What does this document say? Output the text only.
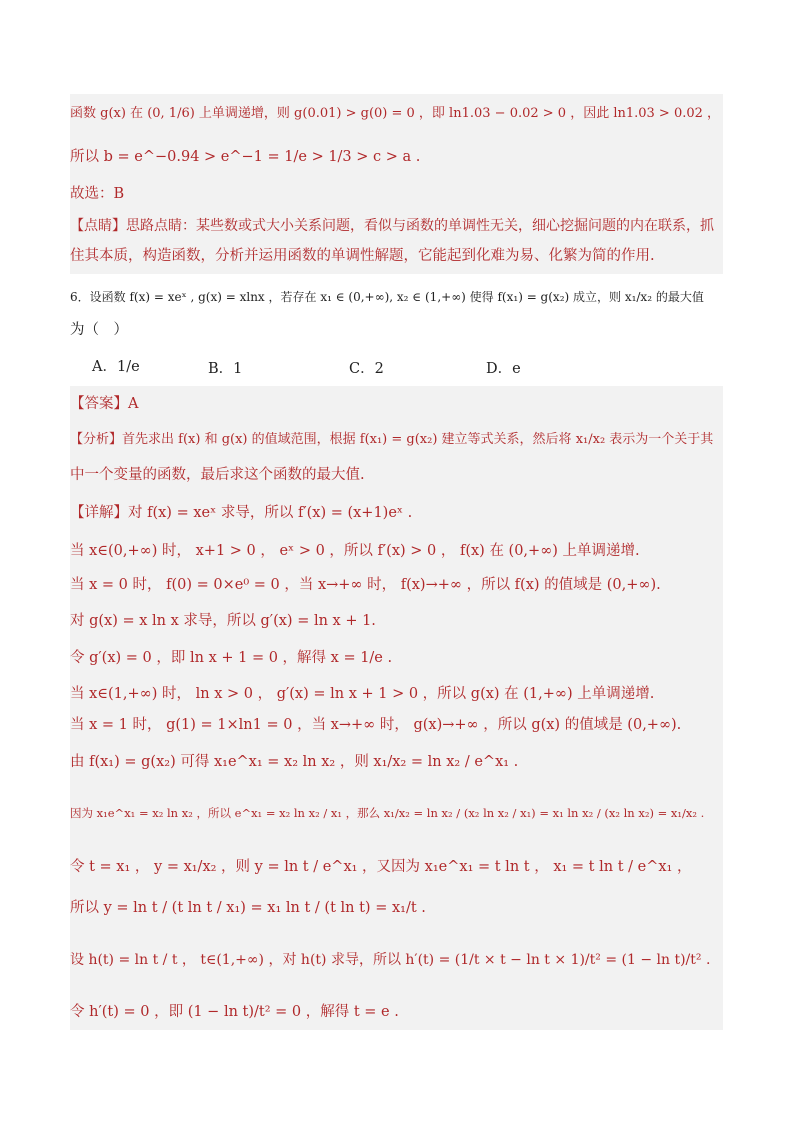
函数 g(x) 在 (0, 1/6) 上单调递增，则 g(0.01) > g(0) = 0 ，即 ln1.03 − 0.02 > 0 ，因此 ln1.03 > 0.02 ，
所以 b = e^−0.94 > e^−1 = 1/e > 1/3 > c > a .
故选：B
【点睛】思路点睛：某些数或式大小关系问题，看似与函数的单调性无关，细心挖掘问题的内在联系，抓
住其本质，构造函数，分析并运用函数的单调性解题，它能起到化难为易、化繁为简的作用.
6．设函数 f(x) = xeˣ , g(x) = xlnx ，若存在 x₁ ∈ (0,+∞), x₂ ∈ (1,+∞) 使得 f(x₁) = g(x₂) 成立，则 x₁/x₂ 的最大值
为（　）
A．1/e	B．1	C．2	D．e
【答案】A
【分析】首先求出 f(x) 和 g(x) 的值域范围，根据 f(x₁) = g(x₂) 建立等式关系，然后将 x₁/x₂ 表示为一个关于其
中一个变量的函数，最后求这个函数的最大值.
【详解】对 f(x) = xeˣ 求导，所以 f′(x) = (x+1)eˣ .
当 x∈(0,+∞) 时， x+1 > 0 ， eˣ > 0 ，所以 f′(x) > 0 ， f(x) 在 (0,+∞) 上单调递增.
当 x = 0 时， f(0) = 0×e⁰ = 0 ，当 x→+∞ 时， f(x)→+∞ ，所以 f(x) 的值域是 (0,+∞).
对 g(x) = x ln x 求导，所以 g′(x) = ln x + 1.
令 g′(x) = 0 ，即 ln x + 1 = 0 ，解得 x = 1/e .
当 x∈(1,+∞) 时， ln x > 0 ， g′(x) = ln x + 1 > 0 ，所以 g(x) 在 (1,+∞) 上单调递增.
当 x = 1 时， g(1) = 1×ln1 = 0 ，当 x→+∞ 时， g(x)→+∞ ，所以 g(x) 的值域是 (0,+∞).
由 f(x₁) = g(x₂) 可得 x₁e^x₁ = x₂ ln x₂ ，则 x₁/x₂ = ln x₂ / e^x₁ .
因为 x₁e^x₁ = x₂ ln x₂ ，所以 e^x₁ = x₂ ln x₂ / x₁ ，那么 x₁/x₂ = ln x₂ / (x₂ ln x₂ / x₁) = x₁ ln x₂ / (x₂ ln x₂) = x₁/x₂ .
令 t = x₁ ， y = x₁/x₂ ，则 y = ln t / e^x₁ ，又因为 x₁e^x₁ = t ln t ， x₁ = t ln t / e^x₁ ，
所以 y = ln t / (t ln t / x₁) = x₁ ln t / (t ln t) = x₁/t .
设 h(t) = ln t / t ， t∈(1,+∞) ，对 h(t) 求导，所以 h′(t) = (1/t × t − ln t × 1)/t² = (1 − ln t)/t² .
令 h′(t) = 0 ，即 (1 − ln t)/t² = 0 ，解得 t = e .
